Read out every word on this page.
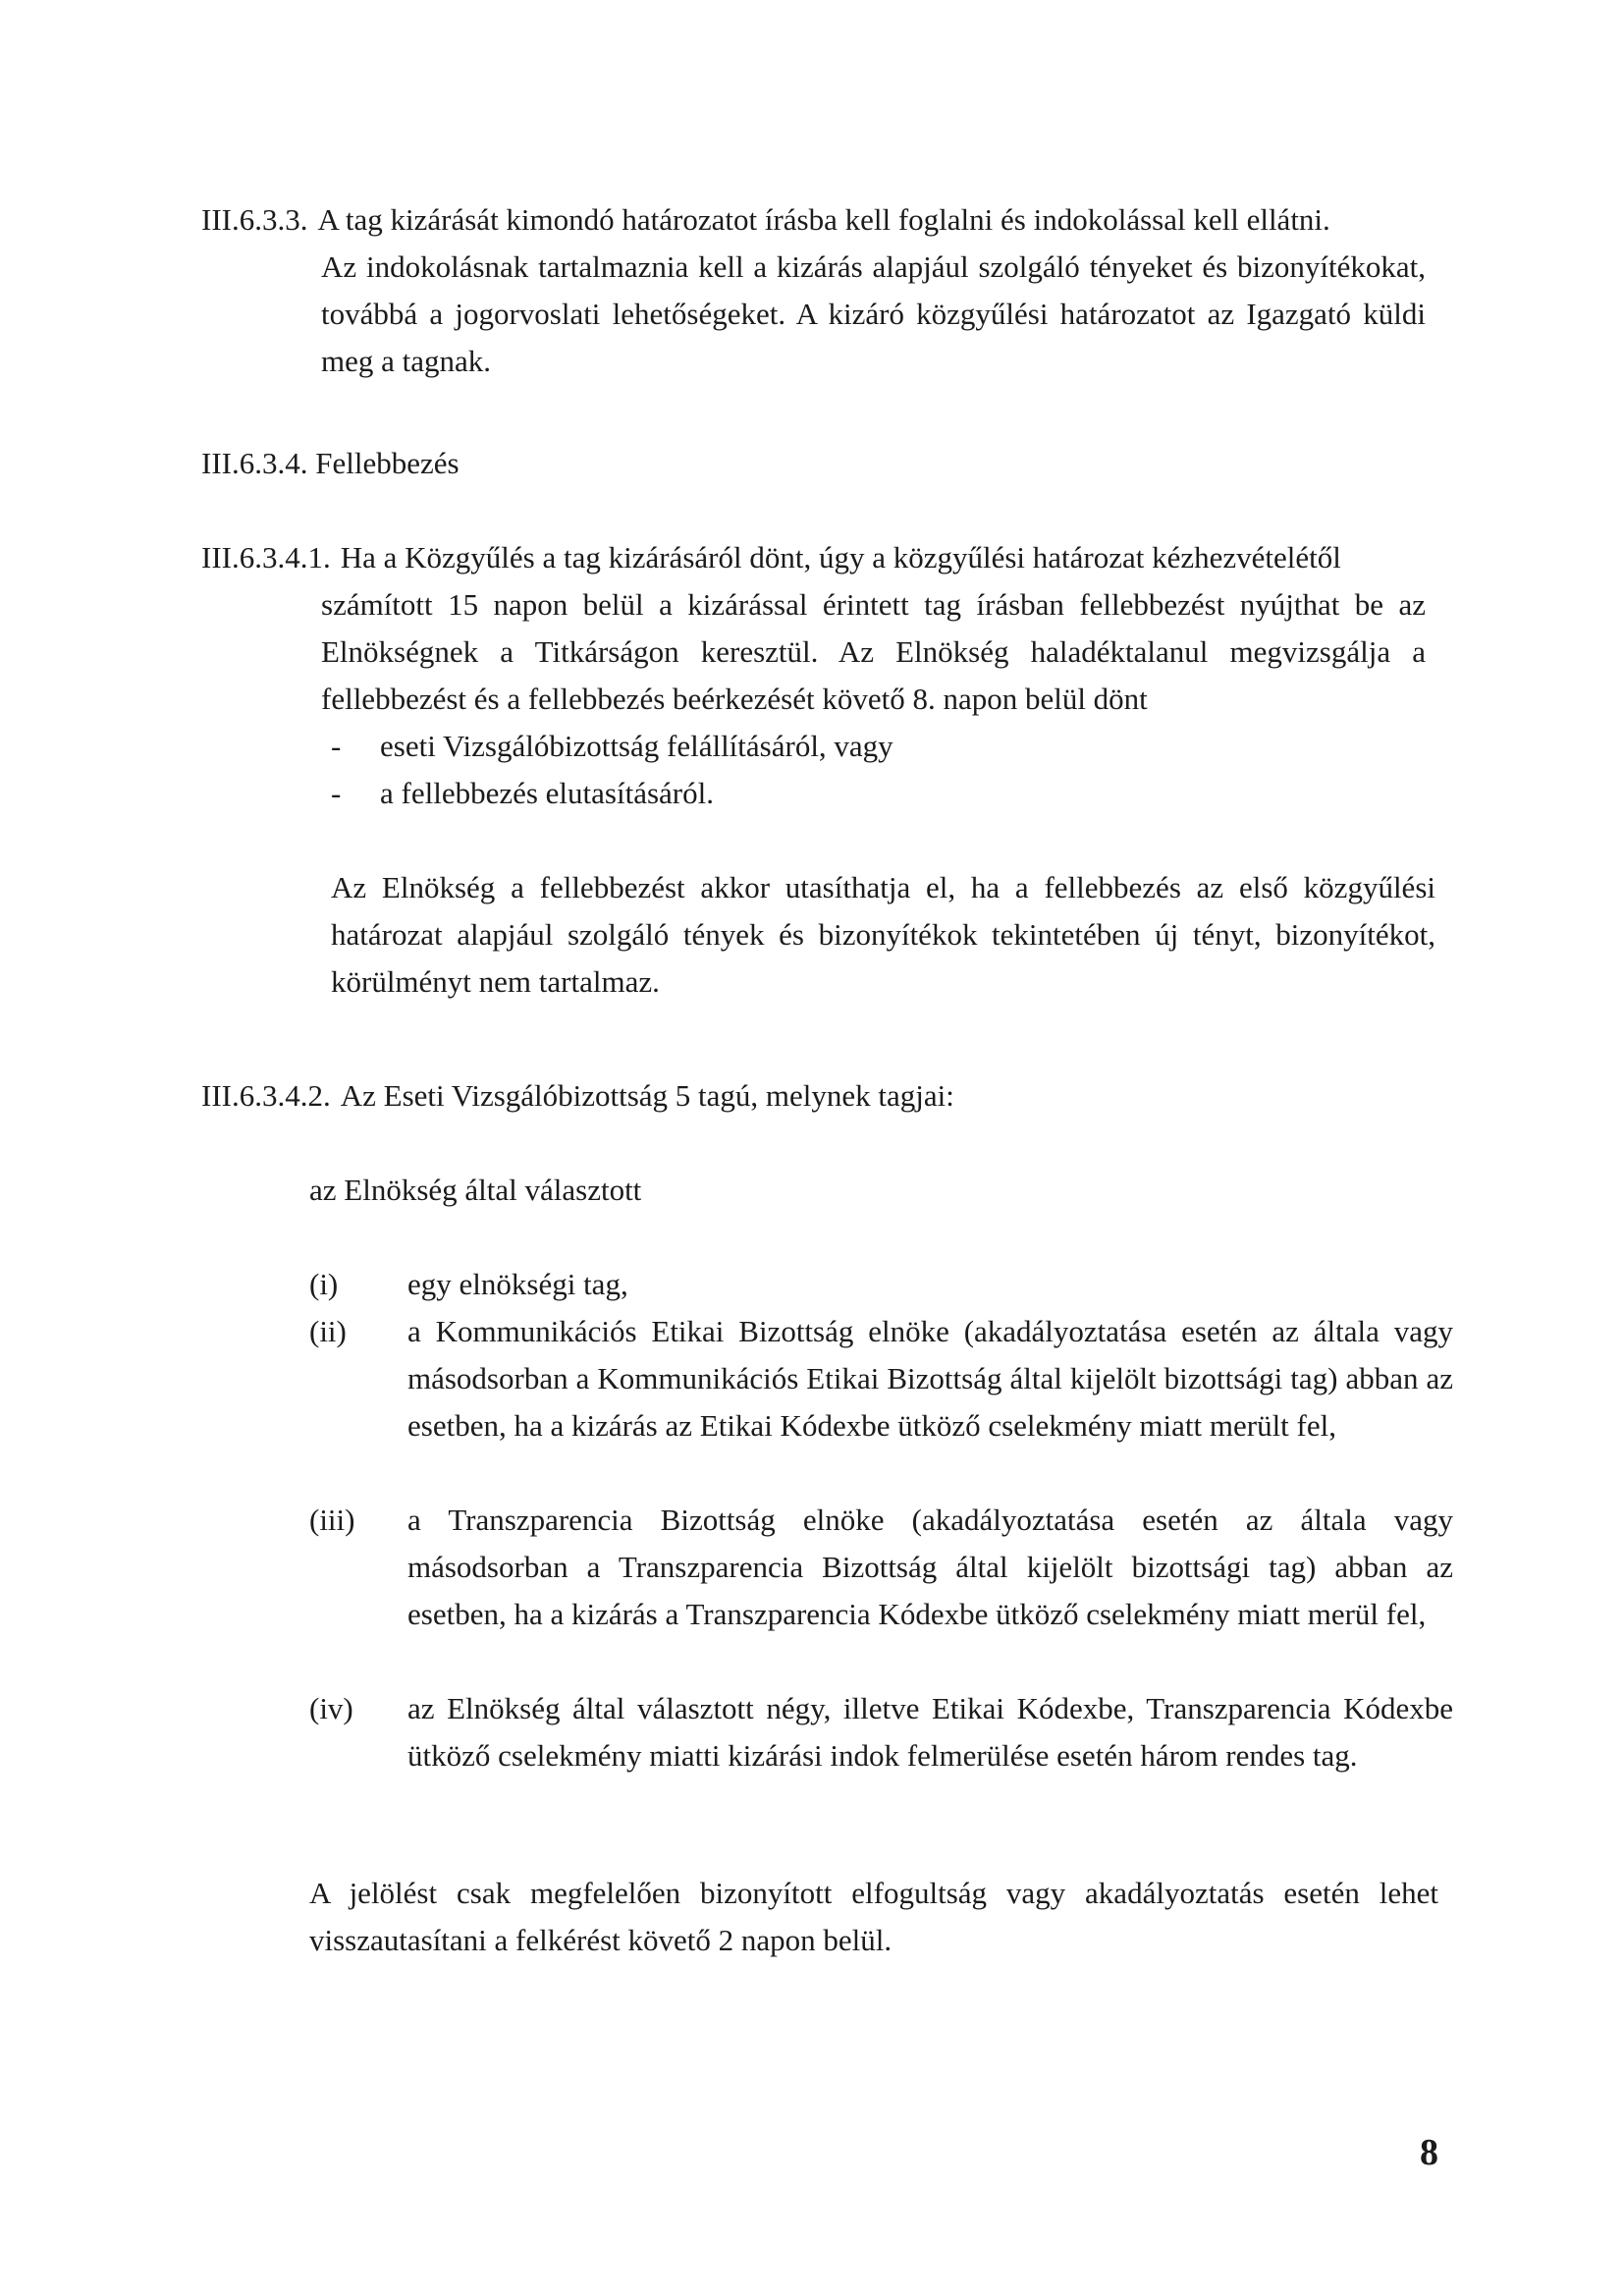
III.6.3.3. A tag kizárását kimondó határozatot írásba kell foglalni és indokolással kell ellátni.

Az indokolásnak tartalmaznia kell a kizárás alapjául szolgáló tényeket és bizonyítékokat, továbbá a jogorvoslati lehetőségeket. A kizáró közgyűlési határozatot az Igazgató küldi meg a tagnak.

III.6.3.4. Fellebbezés

III.6.3.4.1. Ha a Közgyűlés a tag kizárásáról dönt, úgy a közgyűlési határozat kézhezvételétől

számított 15 napon belül a kizárással érintett tag írásban fellebbezést nyújthat be az Elnökségnek a Titkárságon keresztül. Az Elnökség haladéktalanul megvizsgálja a fellebbezést és a fellebbezés beérkezését követő 8. napon belül dönt

-	eseti Vizsgálóbizottság felállításáról, vagy
-	a fellebbezés elutasításáról.

Az Elnökség a fellebbezést akkor utasíthatja el, ha a fellebbezés az első közgyűlési határozat alapjául szolgáló tények és bizonyítékok tekintetében új tényt, bizonyítékot, körülményt nem tartalmaz.

III.6.3.4.2. Az Eseti Vizsgálóbizottság 5 tagú, melynek tagjai:

az Elnökség által választott

(i)	egy elnökségi tag,
(ii)	a Kommunikációs Etikai Bizottság elnöke (akadályoztatása esetén az általa vagy másodsorban a Kommunikációs Etikai Bizottság által kijelölt bizottsági tag) abban az esetben, ha a kizárás az Etikai Kódexbe ütköző cselekmény miatt merült fel,
(iii)	a Transzparencia Bizottság elnöke (akadályoztatása esetén az általa vagy másodsorban a Transzparencia Bizottság által kijelölt bizottsági tag) abban az esetben, ha a kizárás a Transzparencia Kódexbe ütköző cselekmény miatt merül fel,
(iv)	az Elnökség által választott négy, illetve Etikai Kódexbe, Transzparencia Kódexbe ütköző cselekmény miatti kizárási indok felmerülése esetén három rendes tag.

A jelölést csak megfelelően bizonyított elfogultság vagy akadályoztatás esetén lehet visszautasítani a felkérést követő 2 napon belül.

8
